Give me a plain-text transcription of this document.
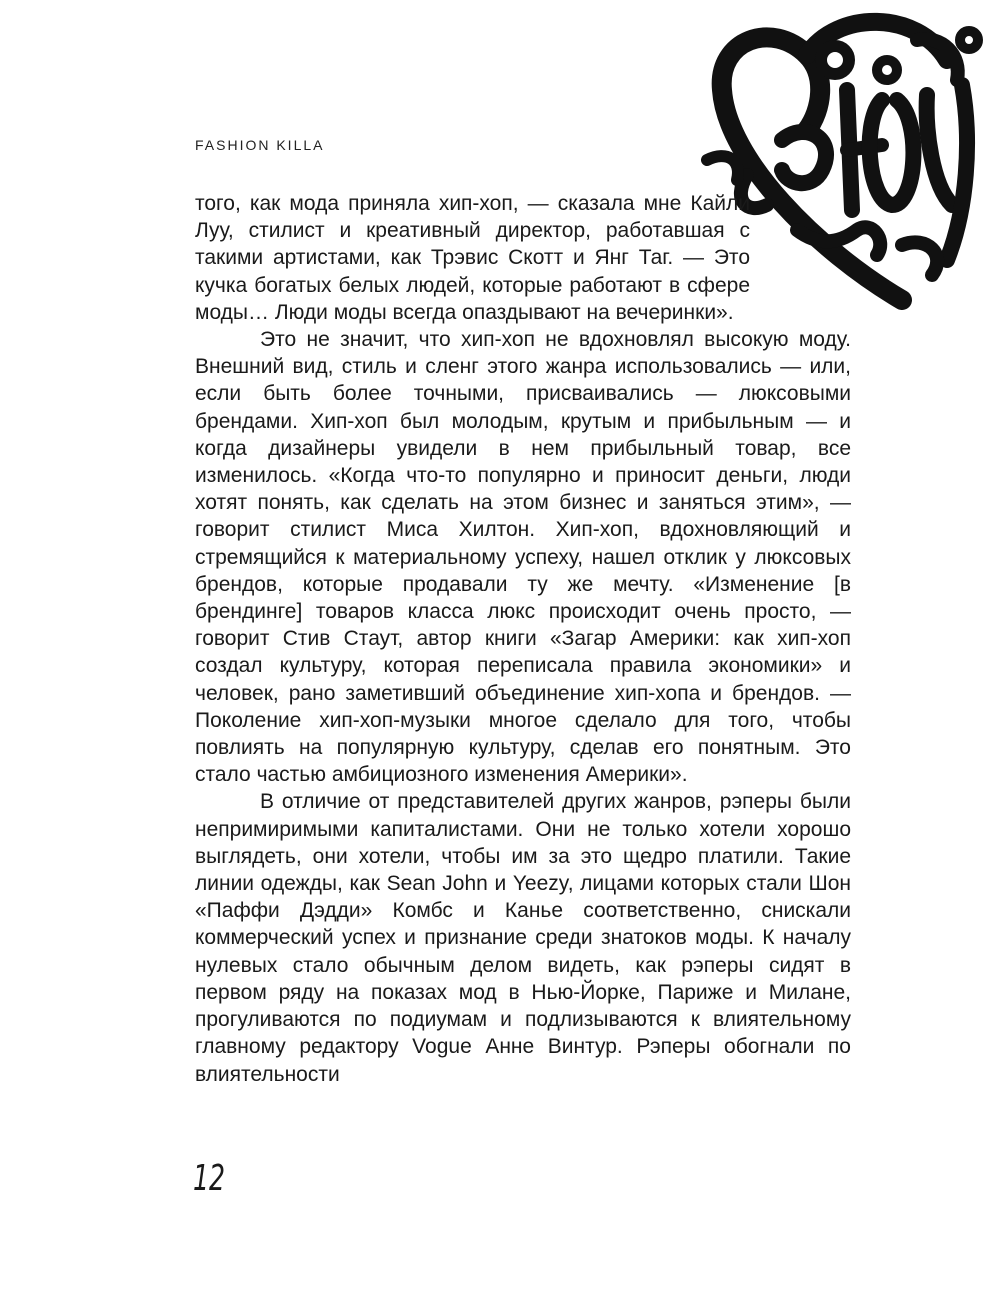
FASHION KILLA

того, как мода приняла хип-хоп, — сказала мне Кайли Луу, стилист и креативный директор, работавшая с такими артистами, как Трэвис Скотт и Янг Таг. — Это кучка богатых белых людей, которые работают в сфере моды… Люди моды всегда опаздывают на вечеринки».

Это не значит, что хип-хоп не вдохновлял высокую моду. Внешний вид, стиль и сленг этого жанра использовались — или, если быть более точными, присваивались — люксовыми брендами. Хип-хоп был молодым, крутым и прибыльным — и когда дизайнеры увидели в нем прибыльный товар, все изменилось. «Когда что-то популярно и приносит деньги, люди хотят понять, как сделать на этом бизнес и заняться этим», — говорит стилист Миса Хилтон. Хип-хоп, вдохновляющий и стремящийся к материальному успеху, нашел отклик у люксовых брендов, которые продавали ту же мечту. «Изменение [в брендинге] товаров класса люкс происходит очень просто, — говорит Стив Стаут, автор книги «Загар Америки: как хип-хоп создал культуру, которая переписала правила экономики» и человек, рано заметивший объединение хип-хопа и брендов. — Поколение хип-хоп-музыки многое сделало для того, чтобы повлиять на популярную культуру, сделав его понятным. Это стало частью амбициозного изменения Америки».

В отличие от представителей других жанров, рэперы были непримиримыми капиталистами. Они не только хотели хорошо выглядеть, они хотели, чтобы им за это щедро платили. Такие линии одежды, как Sean John и Yeezy, лицами которых стали Шон «Паффи Дэдди» Комбс и Канье соответственно, снискали коммерческий успех и признание среди знатоков моды. К началу нулевых стало обычным делом видеть, как рэперы сидят в первом ряду на показах мод в Нью-Йорке, Париже и Милане, прогуливаются по подиумам и подлизываются к влиятельному главному редактору Vogue Анне Винтур. Рэперы обогнали по влиятельности

12
